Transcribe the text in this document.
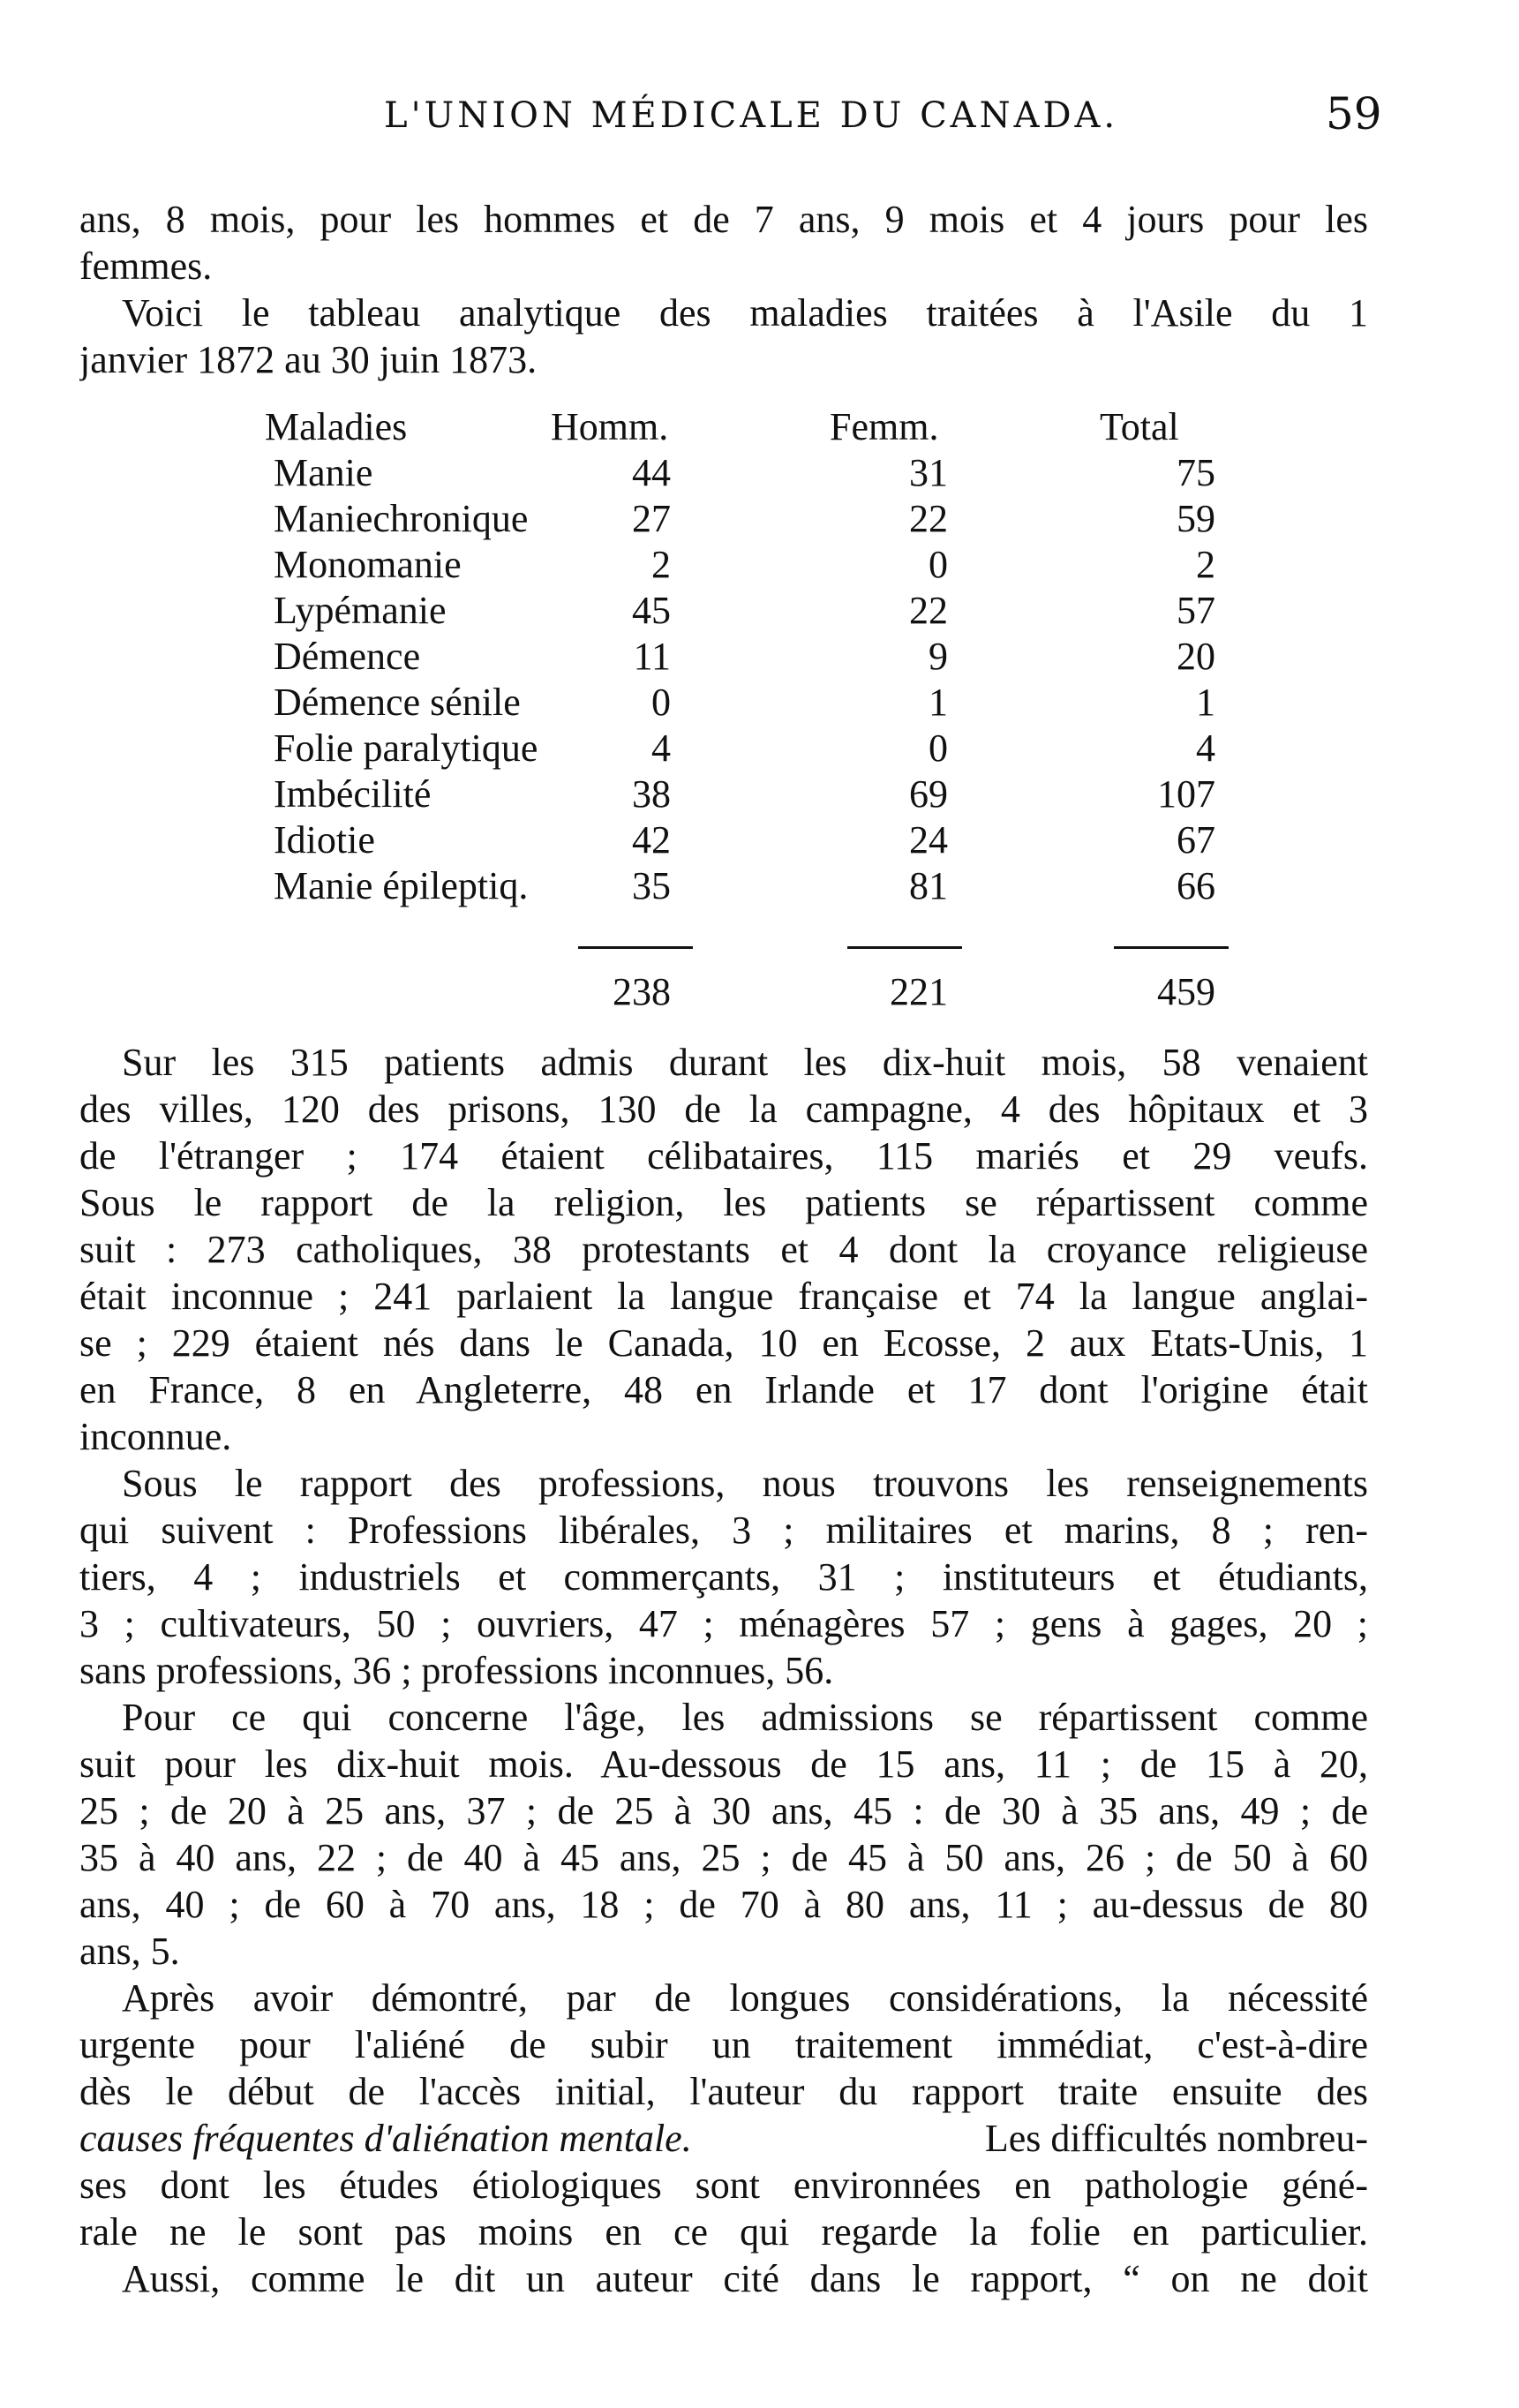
L'UNION MÉDICALE DU CANADA.	59

ans, 8 mois, pour les hommes et de 7 ans, 9 mois et 4 jours pour les

femmes.

Voici le tableau analytique des maladies traitées à l'Asile du 1

janvier 1872 au 30 juin 1873.

Maladies	Homm.	Femm.	Total

Manie	44	31	75

Maniechronique	27	22	59

Monomanie	2	0	2

Lypémanie	45	22	57

Démence	11	9	20

Démence sénile	0	1	1

Folie paralytique	4	0	4

Imbécilité	38	69	107

Idiotie	42	24	67

Manie épileptiq.	35	81	66

238	221	459

Sur les 315 patients admis durant les dix-huit mois, 58 venaient

des villes, 120 des prisons, 130 de la campagne, 4 des hôpitaux et 3

de l'étranger ; 174 étaient célibataires, 115 mariés et 29 veufs.

Sous le rapport de la religion, les patients se répartissent comme

suit : 273 catholiques, 38 protestants et 4 dont la croyance religieuse

était inconnue ; 241 parlaient la langue française et 74 la langue anglai-

se ; 229 étaient nés dans le Canada, 10 en Ecosse, 2 aux Etats-Unis, 1

en France, 8 en Angleterre, 48 en Irlande et 17 dont l'origine était

inconnue.

Sous le rapport des professions, nous trouvons les renseignements

qui suivent : Professions libérales, 3 ; militaires et marins, 8 ; ren-

tiers, 4 ; industriels et commerçants, 31 ; instituteurs et étudiants,

3 ; cultivateurs, 50 ; ouvriers, 47 ; ménagères 57 ; gens à gages, 20 ;

sans professions, 36 ; professions inconnues, 56.

Pour ce qui concerne l'âge, les admissions se répartissent comme

suit pour les dix-huit mois. Au-dessous de 15 ans, 11 ; de 15 à 20,

25 ; de 20 à 25 ans, 37 ; de 25 à 30 ans, 45 : de 30 à 35 ans, 49 ; de

35 à 40 ans, 22 ; de 40 à 45 ans, 25 ; de 45 à 50 ans, 26 ; de 50 à 60

ans, 40 ; de 60 à 70 ans, 18 ; de 70 à 80 ans, 11 ; au-dessus de 80

ans, 5.

Après avoir démontré, par de longues considérations, la nécessité

urgente pour l'aliéné de subir un traitement immédiat, c'est-à-dire

dès le début de l'accès initial, l'auteur du rapport traite ensuite des

causes fréquentes d'aliénation mentale.	Les difficultés nombreu-

ses dont les études étiologiques sont environnées en pathologie géné-

rale ne le sont pas moins en ce qui regarde la folie en particulier.

Aussi, comme le dit un auteur cité dans le rapport, “ on ne doit
